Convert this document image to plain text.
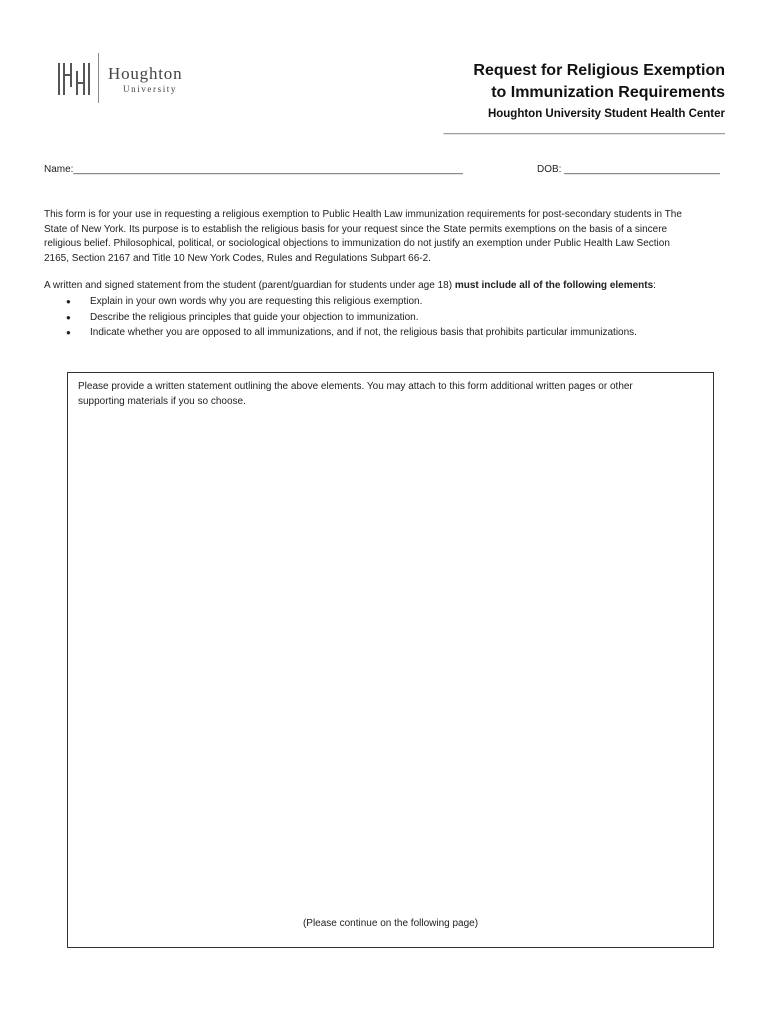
Houghton
University
Request for Religious Exemption
to Immunization Requirements
Houghton University Student Health Center
______________________________________________
Name:______________________________________________________________________	DOB: ____________________________

This form is for your use in requesting a religious exemption to Public Health Law immunization requirements for post-secondary students in The
State of New York. Its purpose is to establish the religious basis for your request since the State permits exemptions on the basis of a sincere
religious belief. Philosophical, political, or sociological objections to immunization do not justify an exemption under Public Health Law Section
2165, Section 2167 and Title 10 New York Codes, Rules and Regulations Subpart 66-2.

A written and signed statement from the student (parent/guardian for students under age 18) must include all of the following elements:

● Explain in your own words why you are requesting this religious exemption.
● Describe the religious principles that guide your objection to immunization.
● Indicate whether you are opposed to all immunizations, and if not, the religious basis that prohibits particular immunizations.

Please provide a written statement outlining the above elements. You may attach to this form additional written pages or other
supporting materials if you so choose.

(Please continue on the following page)
